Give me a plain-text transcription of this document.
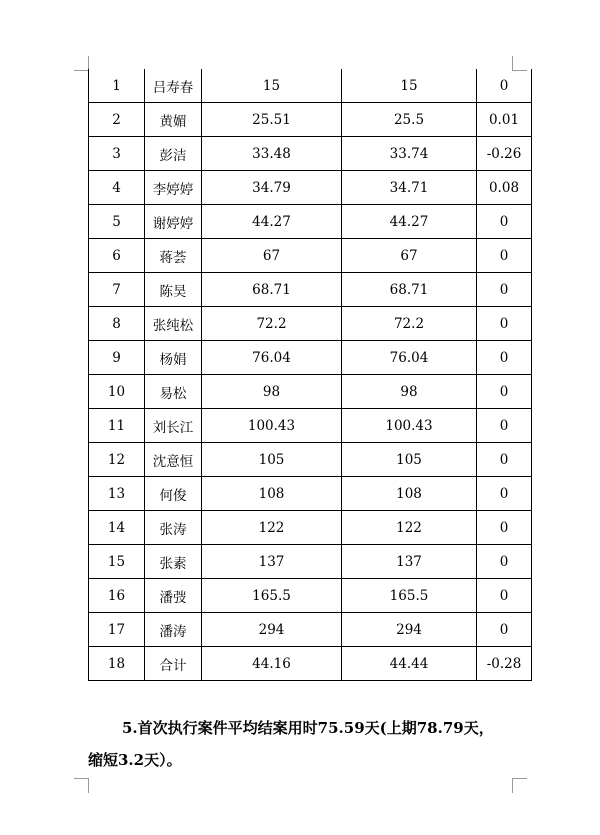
1	吕寿春	15	15	0
2	黄媚	25.51	25.5	0.01
3	彭洁	33.48	33.74	-0.26
4	李婷婷	34.79	34.71	0.08
5	谢婷婷	44.27	44.27	0
6	蒋荟	67	67	0
7	陈昊	68.71	68.71	0
8	张纯松	72.2	72.2	0
9	杨娟	76.04	76.04	0
10	易松	98	98	0
11	刘长江	100.43	100.43	0
12	沈意恒	105	105	0
13	何俊	108	108	0
14	张涛	122	122	0
15	张素	137	137	0
16	潘弢	165.5	165.5	0
17	潘涛	294	294	0
18	合计	44.16	44.44	-0.28
5.首次执行案件平均结案用时75.59天(上期78.79天，
缩短3.2天）。
